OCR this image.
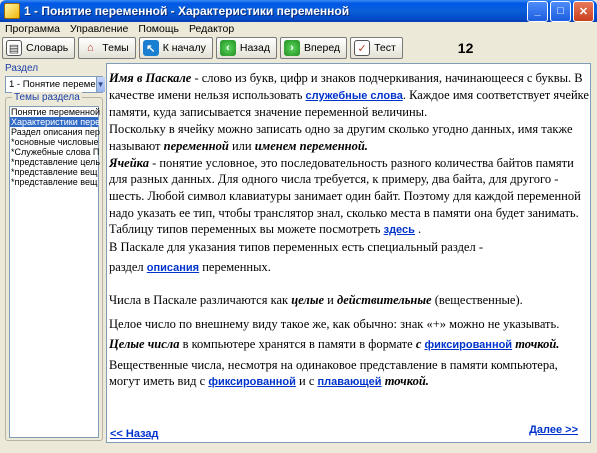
1 - Понятие переменной - Характеристики переменной	_	□	✕
Программа Управление Помощь Редактор
▤ Словарь	⌂ Темы	↖ К началу	‹ Назад	› Вперед	✓ Тест	12
Раздел
1 - Понятие переме ▼
Темы раздела
Понятие переменной
Характеристики пере
Раздел описания пер
*основные числовые
*Служебные слова П
*представление цель
*представление вещ
*представление вещ

Имя в Паскале - слово из букв, цифр и знаков подчеркивания, начинающееся с буквы. В качестве имени нельзя использовать служебные слова. Каждое имя соответствует ячейке памяти, куда записывается значение переменной величины.

Поскольку в ячейку можно записать одно за другим сколько угодно данных, имя также называют переменной или именем переменной.

Ячейка - понятие условное, это последовательность разного количества байтов памяти для разных данных. Для одного числа требуется, к примеру, два байта, для другого - шесть. Любой символ клавиатуры занимает один байт. Поэтому для каждой переменной надо указать ее тип, чтобы транслятор знал, сколько места в памяти она будет занимать. Таблицу типов переменных вы можете посмотреть здесь .

В Паскале для указания типов переменных есть специальный раздел -

раздел описания переменных.

Числа в Паскале различаются как целые и действительные (вещественные).

Целое число по внешнему виду такое же, как обычно: знак «+» можно не указывать.

Целые числа в компьютере хранятся в памяти в формате с фиксированной точкой.

Вещественные числа, несмотря на одинаковое представление в памяти компьютера, могут иметь вид с фиксированной и с плавающей точкой.

<< Назад	Далее >>
